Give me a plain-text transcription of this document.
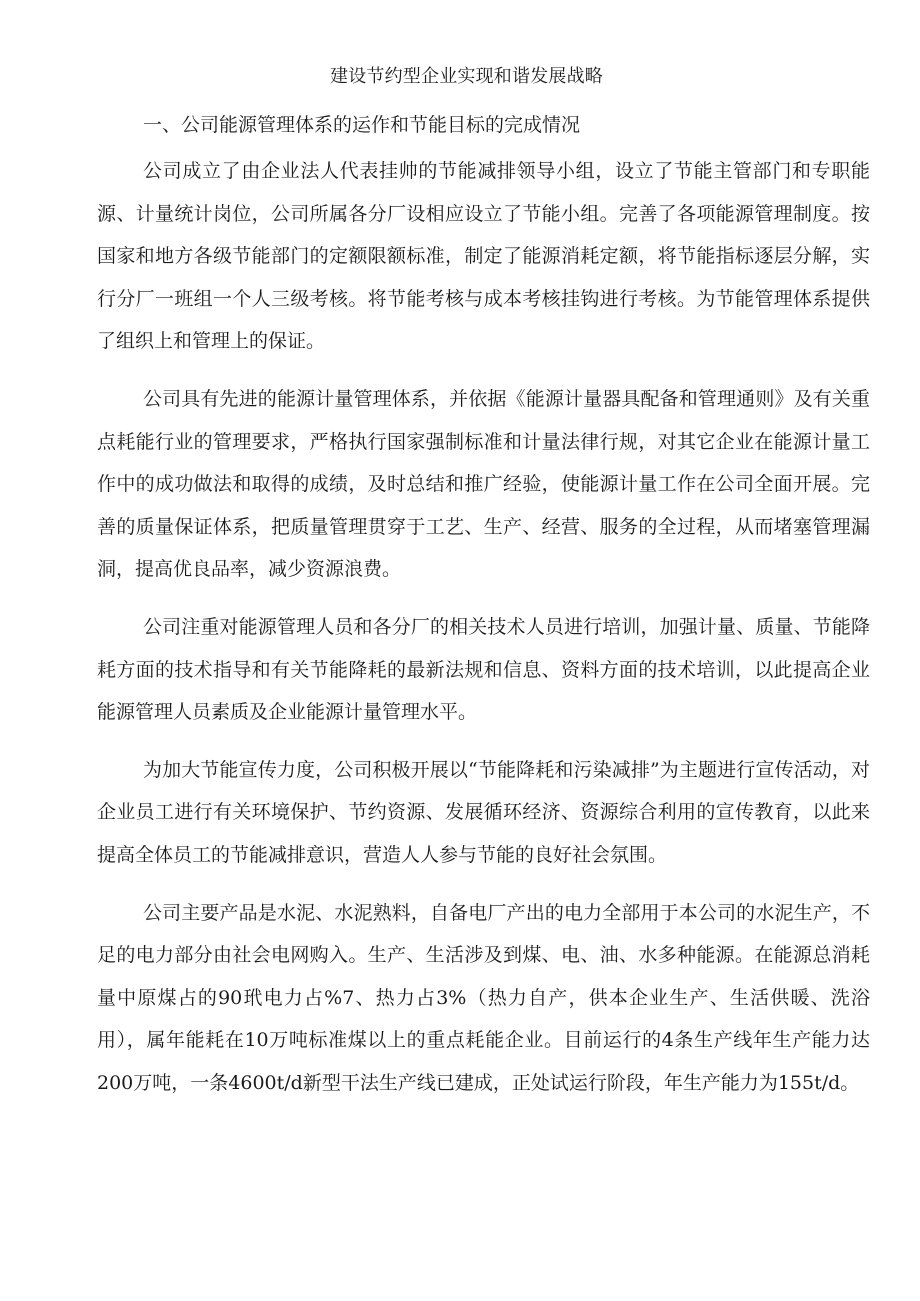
建设节约型企业实现和谐发展战略
一、公司能源管理体系的运作和节能目标的完成情况

公司成立了由企业法人代表挂帅的节能减排领导小组，设立了节能主管部门和专职能源、计量统计岗位，公司所属各分厂设相应设立了节能小组。完善了各项能源管理制度。按国家和地方各级节能部门的定额限额标准，制定了能源消耗定额，将节能指标逐层分解，实行分厂一班组一个人三级考核。将节能考核与成本考核挂钩进行考核。为节能管理体系提供了组织上和管理上的保证。

公司具有先进的能源计量管理体系，并依据《能源计量器具配备和管理通则》及有关重点耗能行业的管理要求，严格执行国家强制标准和计量法律行规，对其它企业在能源计量工作中的成功做法和取得的成绩，及时总结和推广经验，使能源计量工作在公司全面开展。完善的质量保证体系，把质量管理贯穿于工艺、生产、经营、服务的全过程，从而堵塞管理漏洞，提高优良品率，减少资源浪费。

公司注重对能源管理人员和各分厂的相关技术人员进行培训，加强计量、质量、节能降耗方面的技术指导和有关节能降耗的最新法规和信息、资料方面的技术培训，以此提高企业能源管理人员素质及企业能源计量管理水平。

为加大节能宣传力度，公司积极开展以“节能降耗和污染减排”为主题进行宣传活动，对企业员工进行有关环境保护、节约资源、发展循环经济、资源综合利用的宣传教育，以此来提高全体员工的节能减排意识，营造人人参与节能的良好社会氛围。

公司主要产品是水泥、水泥熟料，自备电厂产出的电力全部用于本公司的水泥生产，不足的电力部分由社会电网购入。生产、生活涉及到煤、电、油、水多种能源。在能源总消耗量中原煤占的90玳电力占%7、热力占3%（热力自产，供本企业生产、生活供暖、洗浴用），属年能耗在10万吨标准煤以上的重点耗能企业。目前运行的4条生产线年生产能力达200万吨，一条4600t∕d新型干法生产线已建成，正处试运行阶段，年生产能力为155t/d。
